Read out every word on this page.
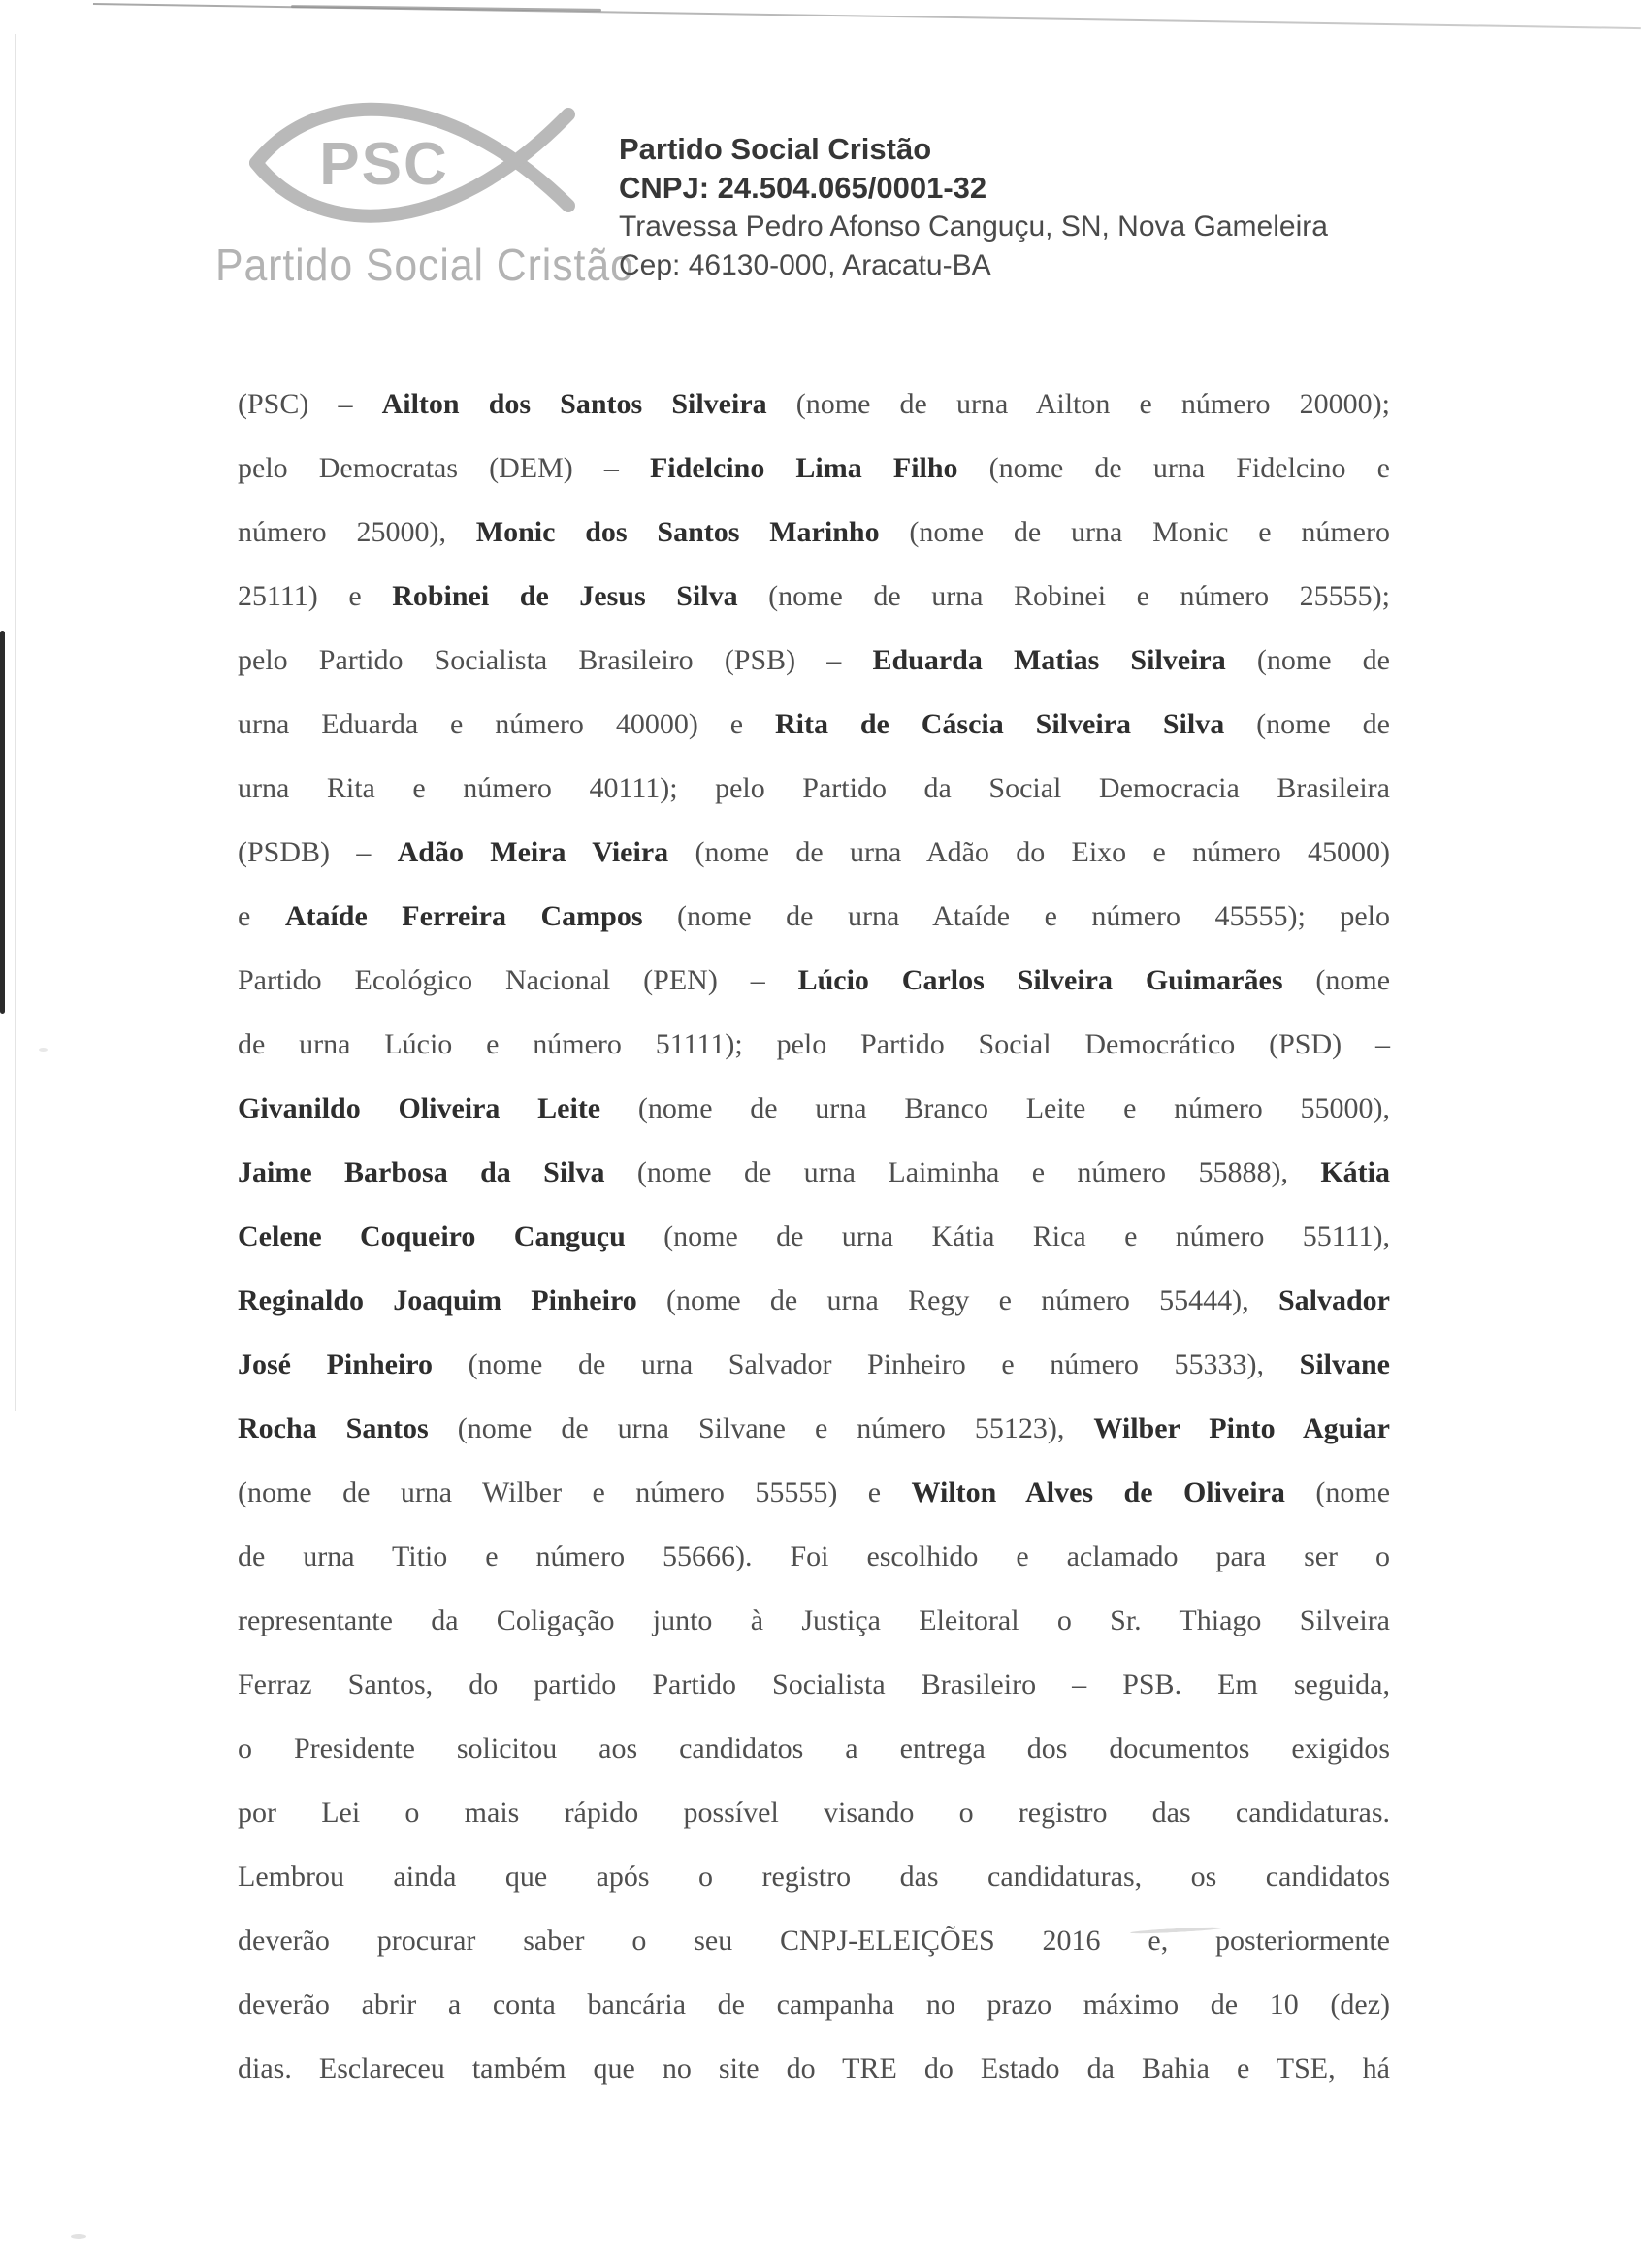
PSC
Partido Social Cristão
Partido Social Cristão
CNPJ: 24.504.065/0001-32
Travessa Pedro Afonso Canguçu, SN, Nova Gameleira
Cep: 46130-000, Aracatu-BA
(PSC) – Ailton dos Santos Silveira (nome de urna Ailton e número 20000);
pelo Democratas (DEM) – Fidelcino Lima Filho (nome de urna Fidelcino e
número 25000), Monic dos Santos Marinho (nome de urna Monic e número
25111) e Robinei de Jesus Silva (nome de urna Robinei e número 25555);
pelo Partido Socialista Brasileiro (PSB) – Eduarda Matias Silveira (nome de
urna Eduarda e número 40000) e Rita de Cáscia Silveira Silva (nome de
urna Rita e número 40111); pelo Partido da Social Democracia Brasileira
(PSDB) – Adão Meira Vieira (nome de urna Adão do Eixo e número 45000)
e Ataíde Ferreira Campos (nome de urna Ataíde e número 45555); pelo
Partido Ecológico Nacional (PEN) – Lúcio Carlos Silveira Guimarães (nome
de urna Lúcio e número 51111); pelo Partido Social Democrático (PSD) –
Givanildo Oliveira Leite (nome de urna Branco Leite e número 55000),
Jaime Barbosa da Silva (nome de urna Laiminha e número 55888), Kátia
Celene Coqueiro Canguçu (nome de urna Kátia Rica e número 55111),
Reginaldo Joaquim Pinheiro (nome de urna Regy e número 55444), Salvador
José Pinheiro (nome de urna Salvador Pinheiro e número 55333), Silvane
Rocha Santos (nome de urna Silvane e número 55123), Wilber Pinto Aguiar
(nome de urna Wilber e número 55555) e Wilton Alves de Oliveira (nome
de urna Titio e número 55666). Foi escolhido e aclamado para ser o
representante da Coligação junto à Justiça Eleitoral o Sr. Thiago Silveira
Ferraz Santos, do partido Partido Socialista Brasileiro – PSB. Em seguida,
o Presidente solicitou aos candidatos a entrega dos documentos exigidos
por Lei o mais rápido possível visando o registro das candidaturas.
Lembrou ainda que após o registro das candidaturas, os candidatos
deverão procurar saber o seu CNPJ-ELEIÇÕES 2016 e, posteriormente
deverão abrir a conta bancária de campanha no prazo máximo de 10 (dez)
dias. Esclareceu também que no site do TRE do Estado da Bahia e TSE, há
